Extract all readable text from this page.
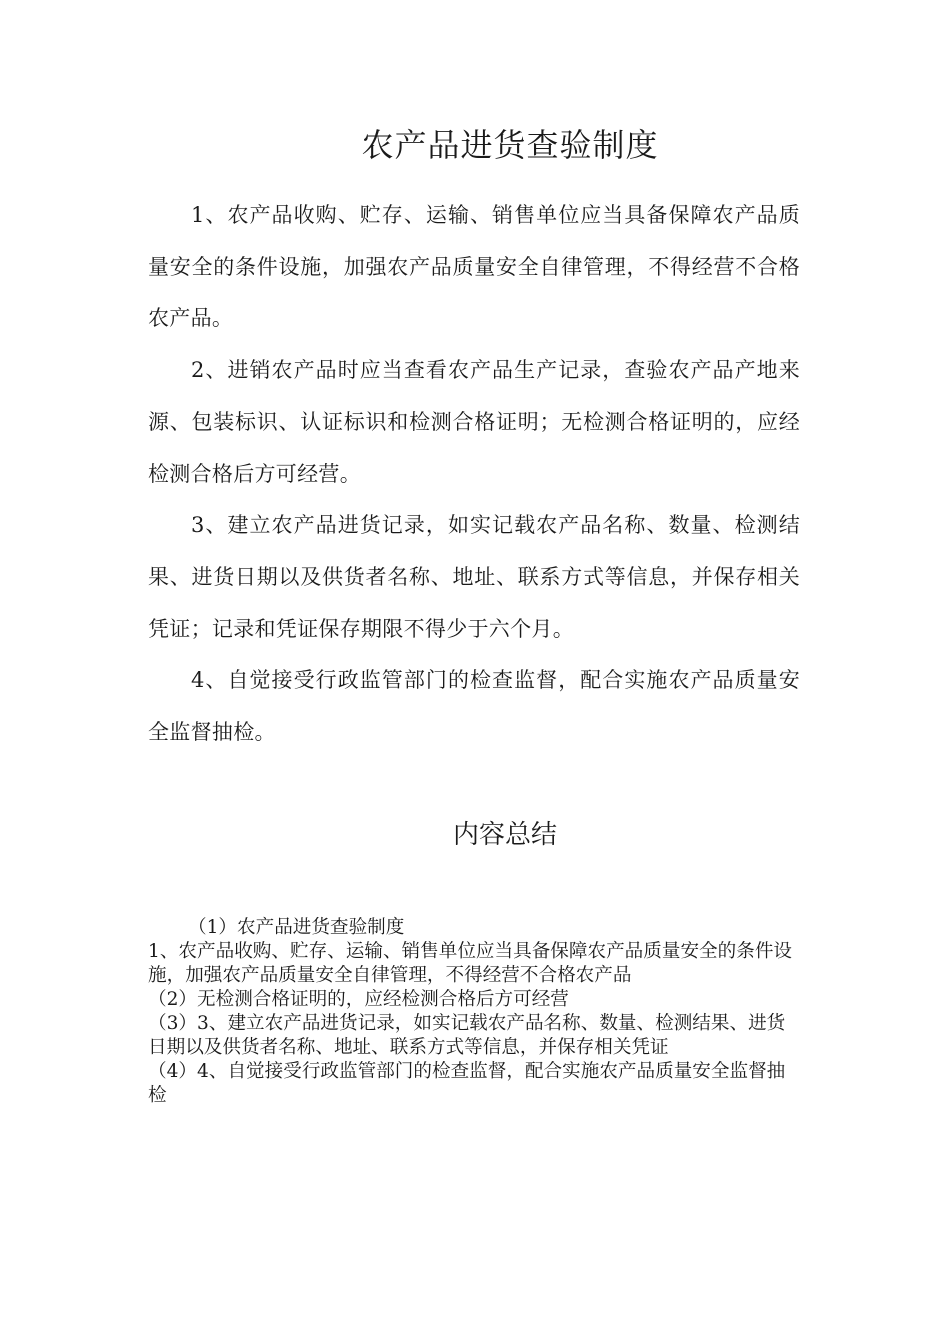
农产品进货查验制度

1、农产品收购、贮存、运输、销售单位应当具备保障农产品质量安全的条件设施，加强农产品质量安全自律管理，不得经营不合格农产品。

2、进销农产品时应当查看农产品生产记录，查验农产品产地来源、包装标识、认证标识和检测合格证明；无检测合格证明的，应经检测合格后方可经营。

3、建立农产品进货记录，如实记载农产品名称、数量、检测结果、进货日期以及供货者名称、地址、联系方式等信息，并保存相关凭证；记录和凭证保存期限不得少于六个月。

4、自觉接受行政监管部门的检查监督，配合实施农产品质量安全监督抽检。

内容总结

（1）农产品进货查验制度

1、农产品收购、贮存、运输、销售单位应当具备保障农产品质量安全的条件设施，加强农产品质量安全自律管理，不得经营不合格农产品

（2）无检测合格证明的，应经检测合格后方可经营

（3）3、建立农产品进货记录，如实记载农产品名称、数量、检测结果、进货日期以及供货者名称、地址、联系方式等信息，并保存相关凭证

（4）4、自觉接受行政监管部门的检查监督，配合实施农产品质量安全监督抽检
